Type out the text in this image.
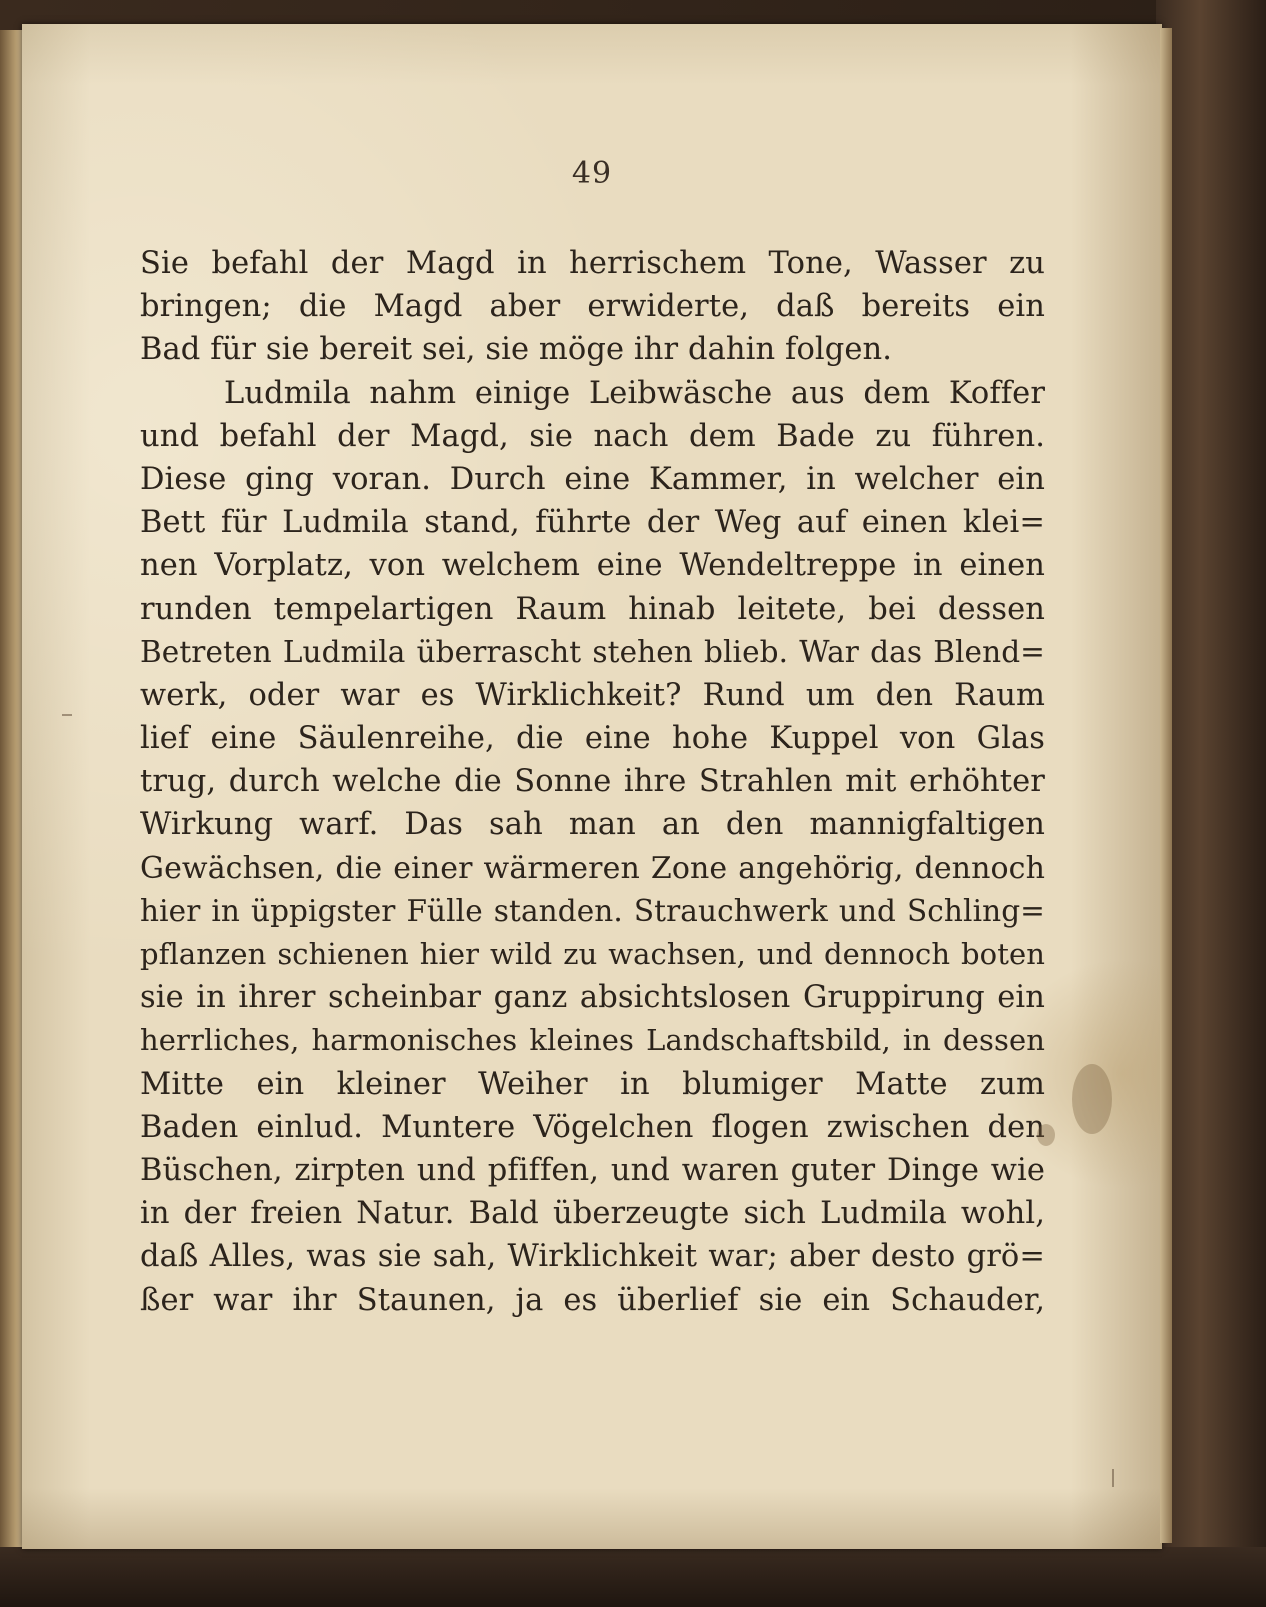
49
Sie befahl der Magd in herrischem Tone, Wasser zu
bringen; die Magd aber erwiderte, daß bereits ein
Bad für sie bereit sei, sie möge ihr dahin folgen.
Ludmila nahm einige Leibwäsche aus dem Koffer
und befahl der Magd, sie nach dem Bade zu führen.
Diese ging voran. Durch eine Kammer, in welcher ein
Bett für Ludmila stand, führte der Weg auf einen klei=
nen Vorplatz, von welchem eine Wendeltreppe in einen
runden tempelartigen Raum hinab leitete, bei dessen
Betreten Ludmila überrascht stehen blieb. War das Blend=
werk, oder war es Wirklichkeit? Rund um den Raum
lief eine Säulenreihe, die eine hohe Kuppel von Glas
trug, durch welche die Sonne ihre Strahlen mit erhöhter
Wirkung warf. Das sah man an den mannigfaltigen
Gewächsen, die einer wärmeren Zone angehörig, dennoch
hier in üppigster Fülle standen. Strauchwerk und Schling=
pflanzen schienen hier wild zu wachsen, und dennoch boten
sie in ihrer scheinbar ganz absichtslosen Gruppirung ein
herrliches, harmonisches kleines Landschaftsbild, in dessen
Mitte ein kleiner Weiher in blumiger Matte zum
Baden einlud. Muntere Vögelchen flogen zwischen den
Büschen, zirpten und pfiffen, und waren guter Dinge wie
in der freien Natur. Bald überzeugte sich Ludmila wohl,
daß Alles, was sie sah, Wirklichkeit war; aber desto grö=
ßer war ihr Staunen, ja es überlief sie ein Schauder,
